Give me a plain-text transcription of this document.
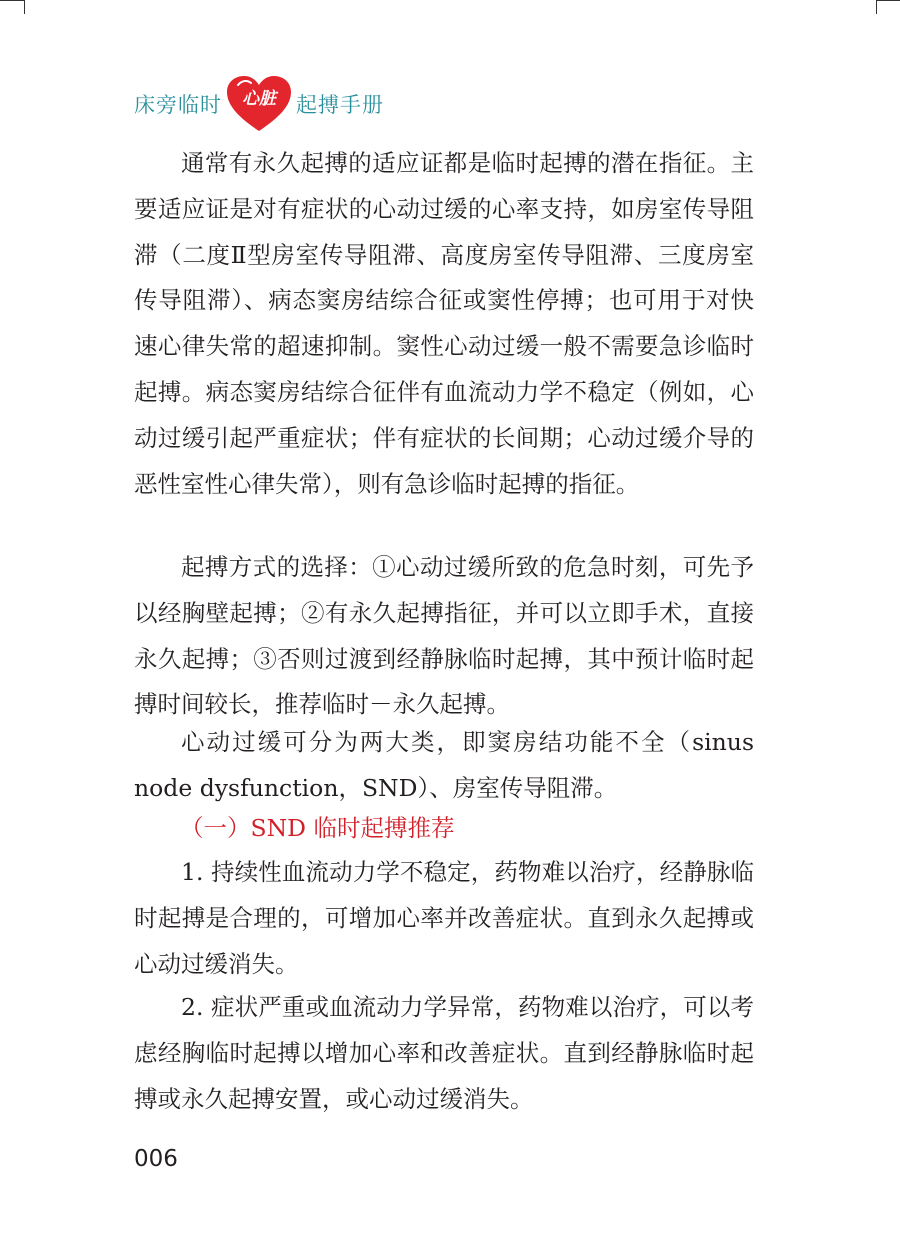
床旁临时	心脏 起搏手册

通常有永久起搏的适应证都是临时起搏的潜在指征。主要适应证是对有症状的心动过缓的心率支持，如房室传导阻滞（二度Ⅱ型房室传导阻滞、高度房室传导阻滞、三度房室传导阻滞）、病态窦房结综合征或窦性停搏；也可用于对快速心律失常的超速抑制。窦性心动过缓一般不需要急诊临时起搏。病态窦房结综合征伴有血流动力学不稳定（例如，心动过缓引起严重症状；伴有症状的长间期；心动过缓介导的恶性室性心律失常），则有急诊临时起搏的指征。

起搏方式的选择：①心动过缓所致的危急时刻，可先予以经胸壁起搏；②有永久起搏指征，并可以立即手术，直接永久起搏；③否则过渡到经静脉临时起搏，其中预计临时起搏时间较长，推荐临时－永久起搏。

心动过缓可分为两大类，即窦房结功能不全（sinus node dysfunction，SND）、房室传导阻滞。

（一）SND 临时起搏推荐

1. 持续性血流动力学不稳定，药物难以治疗，经静脉临时起搏是合理的，可增加心率并改善症状。直到永久起搏或心动过缓消失。

2. 症状严重或血流动力学异常，药物难以治疗，可以考虑经胸临时起搏以增加心率和改善症状。直到经静脉临时起搏或永久起搏安置，或心动过缓消失。

006
